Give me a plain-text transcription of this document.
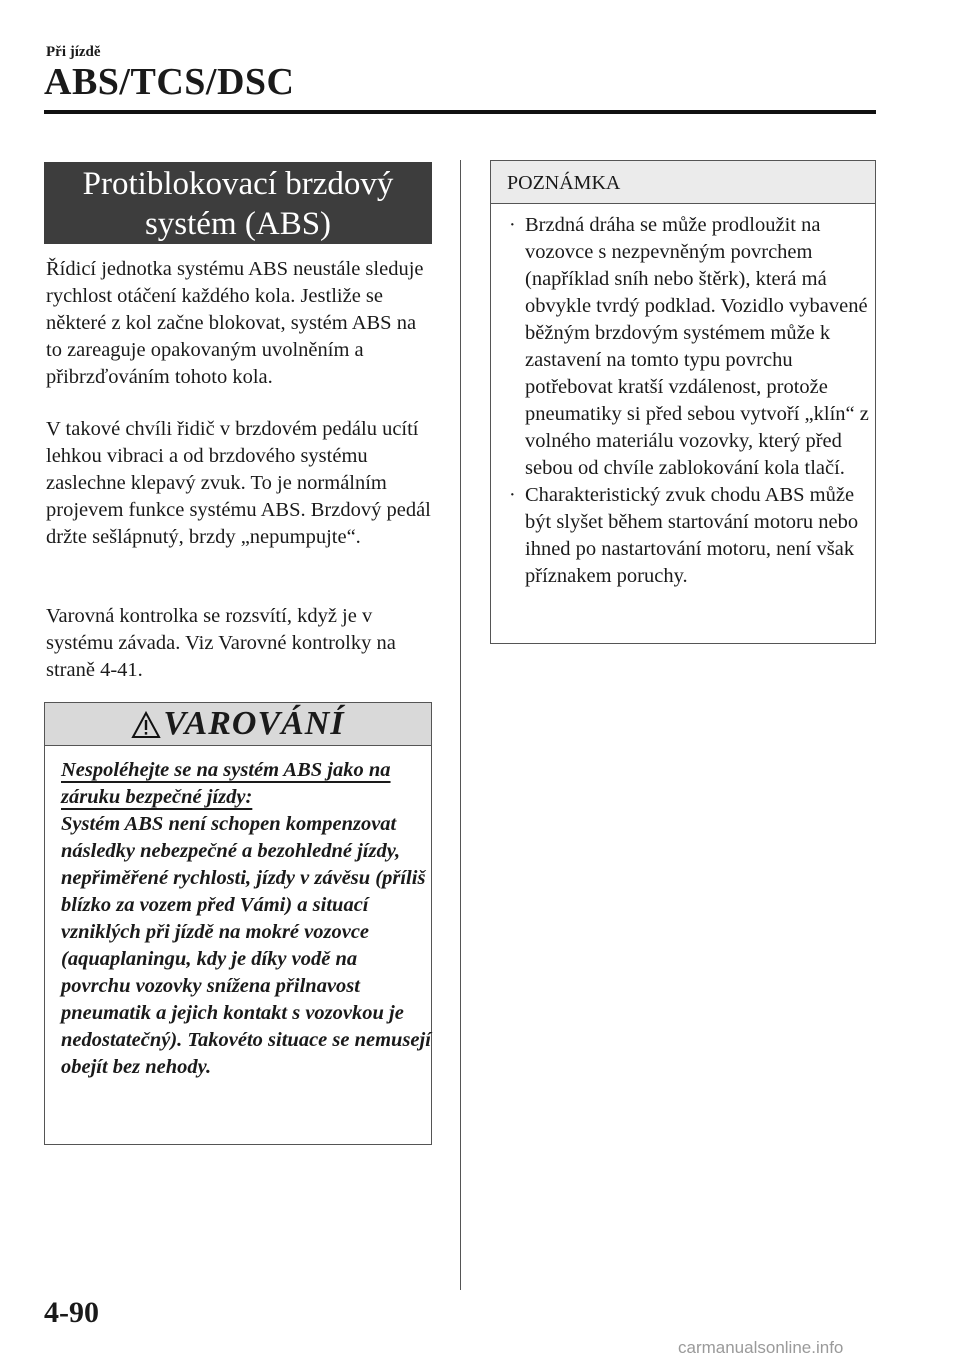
Při jízdě
ABS/TCS/DSC
Protiblokovací brzdový
systém (ABS)

Řídicí jednotka systému ABS neustále sleduje rychlost otáčení každého kola. Jestliže se některé z kol začne blokovat, systém ABS na to zareaguje opakovaným uvolněním a přibrzďováním tohoto kola.

V takové chvíli řidič v brzdovém pedálu ucítí lehkou vibraci a od brzdového systému zaslechne klepavý zvuk. To je normálním projevem funkce systému ABS. Brzdový pedál držte sešlápnutý, brzdy „nepumpujte“.

Varovná kontrolka se rozsvítí, když je v systému závada. Viz Varovné kontrolky na straně 4-41.

VAROVÁNÍ

Nespoléhejte se na systém ABS jako na záruku bezpečné jízdy:

Systém ABS není schopen kompenzovat následky nebezpečné a bezohledné jízdy, nepřiměřené rychlosti, jízdy v závěsu (příliš blízko za vozem před Vámi) a situací vzniklých při jízdě na mokré vozovce (aquaplaningu, kdy je díky vodě na povrchu vozovky snížena přilnavost pneumatik a jejich kontakt s vozovkou je nedostatečný). Takovéto situace se nemusejí obejít bez nehody.

POZNÁMKA
· Brzdná dráha se může prodloužit na vozovce s nezpevněným povrchem (například sníh nebo štěrk), která má obvykle tvrdý podklad. Vozidlo vybavené běžným brzdovým systémem může k zastavení na tomto typu povrchu potřebovat kratší vzdálenost, protože pneumatiky si před sebou vytvoří „klín“ z volného materiálu vozovky, který před sebou od chvíle zablokování kola tlačí.
· Charakteristický zvuk chodu ABS může být slyšet během startování motoru nebo ihned po nastartování motoru, není však příznakem poruchy.
4-90
carmanualsonline.info
